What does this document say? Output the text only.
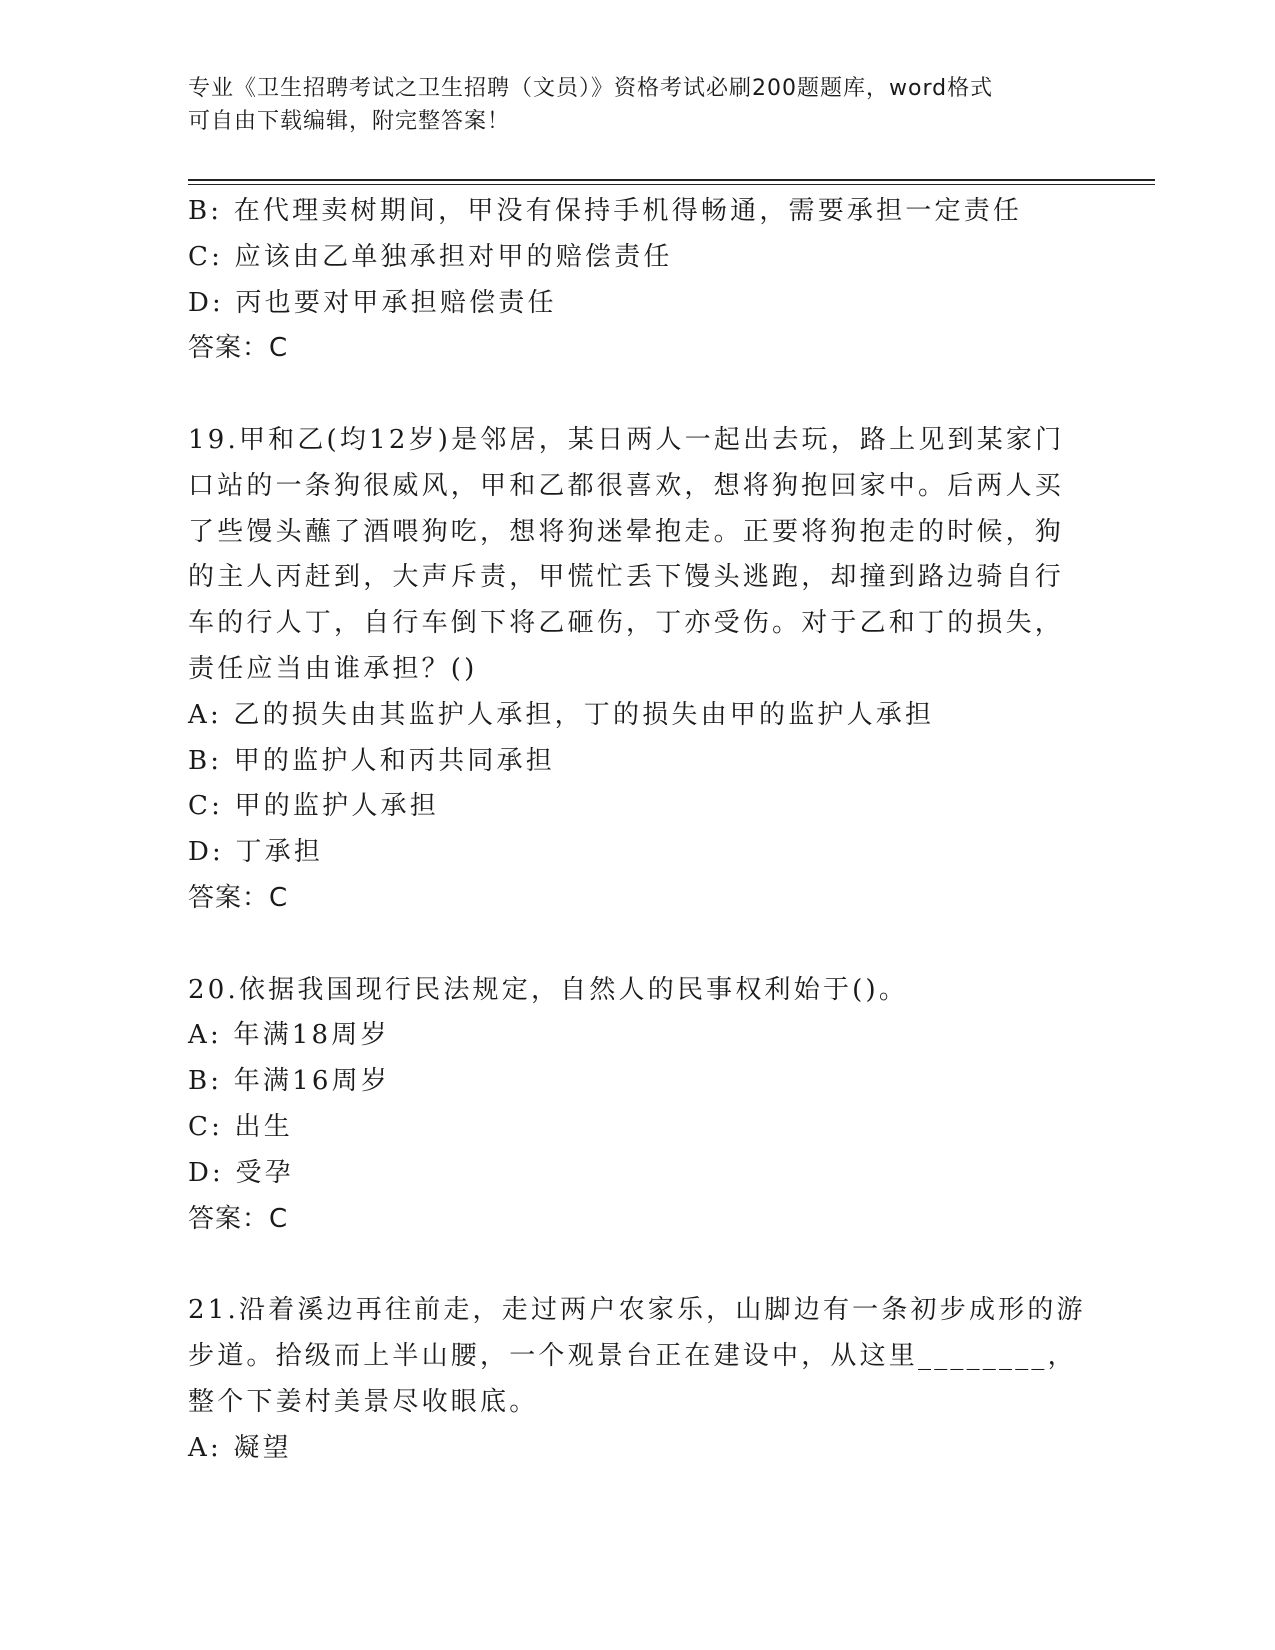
专业《卫生招聘考试之卫生招聘（文员）》资格考试必刷200题题库，word格式
可自由下载编辑，附完整答案！
B: 在代理卖树期间，甲没有保持手机得畅通，需要承担一定责任
C: 应该由乙单独承担对甲的赔偿责任
D: 丙也要对甲承担赔偿责任
答案：C
19.甲和乙(均12岁)是邻居，某日两人一起出去玩，路上见到某家门
口站的一条狗很威风，甲和乙都很喜欢，想将狗抱回家中。后两人买
了些馒头蘸了酒喂狗吃，想将狗迷晕抱走。正要将狗抱走的时候，狗
的主人丙赶到，大声斥责，甲慌忙丢下馒头逃跑，却撞到路边骑自行
车的行人丁，自行车倒下将乙砸伤，丁亦受伤。对于乙和丁的损失，
责任应当由谁承担？()
A: 乙的损失由其监护人承担，丁的损失由甲的监护人承担
B: 甲的监护人和丙共同承担
C: 甲的监护人承担
D: 丁承担
答案：C
20.依据我国现行民法规定，自然人的民事权利始于()。
A: 年满18周岁
B: 年满16周岁
C: 出生
D: 受孕
答案：C
21.沿着溪边再往前走，走过两户农家乐，山脚边有一条初步成形的游
步道。拾级而上半山腰，一个观景台正在建设中，从这里________，
整个下姜村美景尽收眼底。
A: 凝望
